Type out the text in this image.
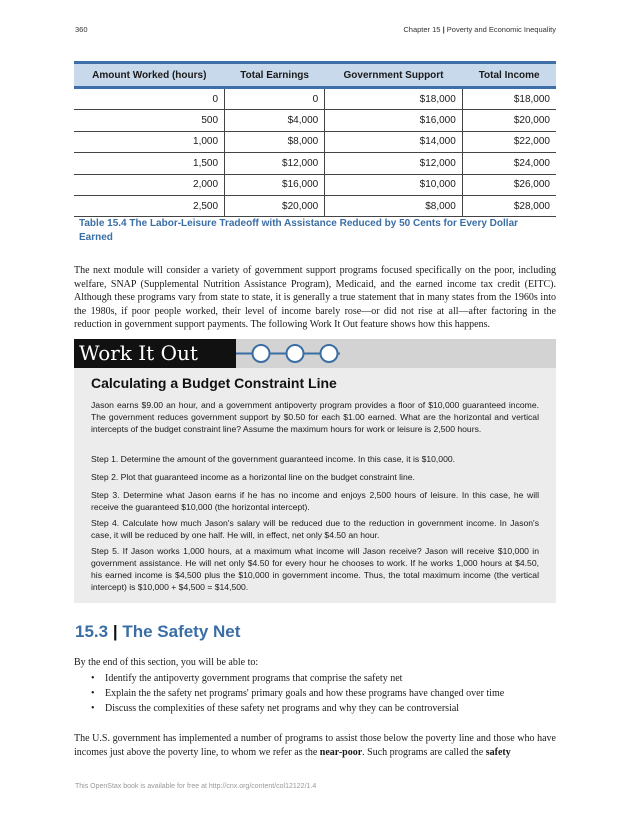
360	Chapter 15 | Poverty and Economic Inequality
Amount Worked (hours)	Total Earnings	Government Support	Total Income
0	0	$18,000	$18,000
500	$4,000	$16,000	$20,000
1,000	$8,000	$14,000	$22,000
1,500	$12,000	$12,000	$24,000
2,000	$16,000	$10,000	$26,000
2,500	$20,000	$8,000	$28,000
Table 15.4 The Labor-Leisure Tradeoff with Assistance Reduced by 50 Cents for Every Dollar Earned

The next module will consider a variety of government support programs focused specifically on the poor, including welfare, SNAP (Supplemental Nutrition Assistance Program), Medicaid, and the earned income tax credit (EITC). Although these programs vary from state to state, it is generally a true statement that in many states from the 1960s into the 1980s, if poor people worked, their level of income barely rose—or did not rise at all—after factoring in the reduction in government support payments. The following Work It Out feature shows how this happens.

Work It Out
Calculating a Budget Constraint Line
Jason earns $9.00 an hour, and a government antipoverty program provides a floor of $10,000 guaranteed income. The government reduces government support by $0.50 for each $1.00 earned. What are the horizontal and vertical intercepts of the budget constraint line? Assume the maximum hours for work or leisure is 2,500 hours.
Step 1. Determine the amount of the government guaranteed income. In this case, it is $10,000.
Step 2. Plot that guaranteed income as a horizontal line on the budget constraint line.
Step 3. Determine what Jason earns if he has no income and enjoys 2,500 hours of leisure. In this case, he will receive the guaranteed $10,000 (the horizontal intercept).
Step 4. Calculate how much Jason's salary will be reduced due to the reduction in government income. In Jason's case, it will be reduced by one half. He will, in effect, net only $4.50 an hour.
Step 5. If Jason works 1,000 hours, at a maximum what income will Jason receive? Jason will receive $10,000 in government assistance. He will net only $4.50 for every hour he chooses to work. If he works 1,000 hours at $4.50, his earned income is $4,500 plus the $10,000 in government income. Thus, the total maximum income (the vertical intercept) is $10,000 + $4,500 = $14,500.
15.3 | The Safety Net

By the end of this section, you will be able to:

• Identify the antipoverty government programs that comprise the safety net
• Explain the the safety net programs' primary goals and how these programs have changed over time
• Discuss the complexities of these safety net programs and why they can be controversial

The U.S. government has implemented a number of programs to assist those below the poverty line and those who have incomes just above the poverty line, to whom we refer as the near-poor. Such programs are called the safety

This OpenStax book is available for free at http://cnx.org/content/col12122/1.4
